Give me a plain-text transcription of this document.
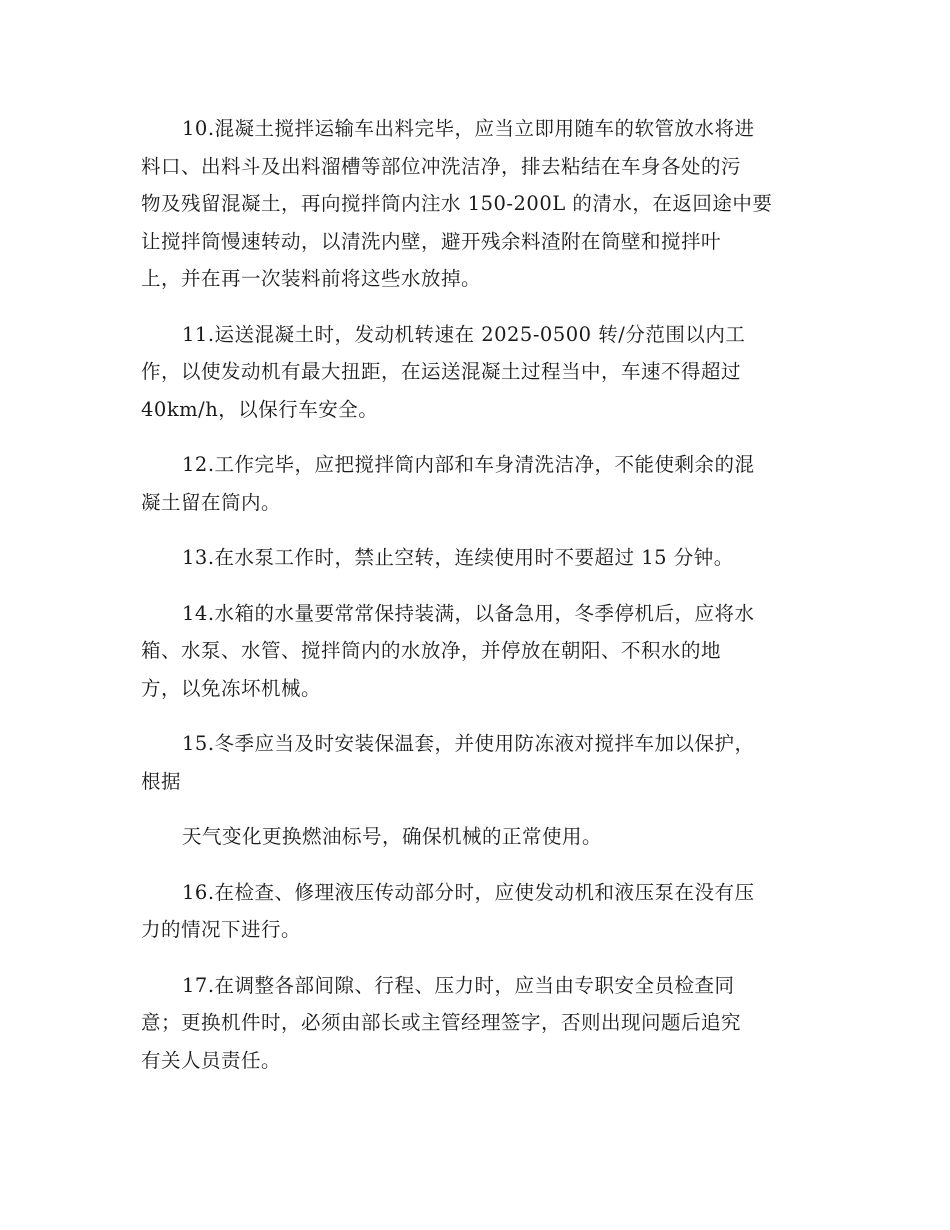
10.混凝土搅拌运输车出料完毕，应当立即用随车的软管放水将进
料口、出料斗及出料溜槽等部位冲洗洁净，排去粘结在车身各处的污
物及残留混凝土，再向搅拌筒内注水 150-200L 的清水，在返回途中要
让搅拌筒慢速转动，以清洗内壁，避开残余料渣附在筒壁和搅拌叶
上，并在再一次装料前将这些水放掉。
11.运送混凝土时，发动机转速在 2025-0500 转/分范围以内工
作，以使发动机有最大扭距，在运送混凝土过程当中，车速不得超过
40km/h，以保行车安全。
12.工作完毕，应把搅拌筒内部和车身清洗洁净，不能使剩余的混
凝土留在筒内。
13.在水泵工作时，禁止空转，连续使用时不要超过 15 分钟。
14.水箱的水量要常常保持装满，以备急用，冬季停机后，应将水
箱、水泵、水管、搅拌筒内的水放净，并停放在朝阳、不积水的地
方，以免冻坏机械。
15.冬季应当及时安装保温套，并使用防冻液对搅拌车加以保护，
根据
天气变化更换燃油标号，确保机械的正常使用。
16.在检查、修理液压传动部分时，应使发动机和液压泵在没有压
力的情况下进行。
17.在调整各部间隙、行程、压力时，应当由专职安全员检查同
意；更换机件时，必须由部长或主管经理签字，否则出现问题后追究
有关人员责任。
